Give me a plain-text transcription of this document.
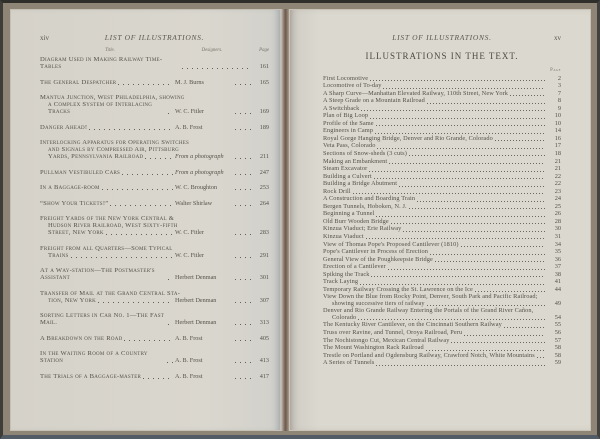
xiv	LIST OF ILLUSTRATIONS.
Title.	Designers.	Page
Diagram Used in Making Railway Time-Tables	161
The General Despatcher	M. J. Burns	165
Mantua Junction, West Philadelphia, showing
a Complex System of Interlacing Tracks	W. C. Fitler	169
Danger Ahead!	A. B. Frost	189
Interlocking Apparatus for Operating Switches
and Signals by Compressed Air, Pittsburg
Yards, Pennsylvania Railroad	From a photograph	211
Pullman Vestibuled Cars	From a photograph	247
In a Baggage-room	W. C. Broughton	253
“Show Your Tickets!”	Walter Shirlaw	264
Freight Yards of the New York Central &
Hudson River Railroad, West Sixty-fifth
Street, New York	W. C. Fitler	283
Freight from all Quarters—Some Typical
Trains	W. C. Fitler	291
At a Way-station—The Postmaster's Assistant	Herbert Denman	301
Transfer of Mail at the Grand Central Sta-
tion, New York	Herbert Denman	307
Sorting Letters in Car No. 1—The Fast Mail.	Herbert Denman	313
A Breakdown on the Road	A. B. Frost	405
In the Waiting Room of a Country Station	A. B. Frost	413
The Trials of a Baggage-master	A. B. Frost	417
LIST OF ILLUSTRATIONS.	xv
ILLUSTRATIONS IN THE TEXT.
Page
First Locomotive	2
Locomotive of To-day	3
A Sharp Curve—Manhattan Elevated Railway, 110th Street, New York	7
A Steep Grade on a Mountain Railroad	8
A Switchback	9
Plan of Big Loop	10
Profile of the Same	10
Engineers in Camp	14
Royal Gorge Hanging Bridge, Denver and Rio Grande, Colorado	16
Veta Pass, Colorado	17
Sections of Snow-sheds (3 cuts)	18
Making an Embankment	21
Steam Excavator	21
Building a Culvert	22
Building a Bridge Abutment	22
Rock Drill	23
A Construction and Boarding Train	24
Bergen Tunnels, Hoboken, N. J.	25
Beginning a Tunnel	26
Old Burr Wooden Bridge	28
Kinzua Viaduct; Erie Railway	30
Kinzua Viaduct	31
View of Thomas Pope's Proposed Cantilever (1810)	34
Pope's Cantilever in Process of Erection	35
General View of the Poughkeepsie Bridge	36
Erection of a Cantilever	37
Spiking the Track	38
Track Laying	41
Temporary Railway Crossing the St. Lawrence on the Ice	44
View Down the Blue from Rocky Point, Denver, South Park and Pacific Railroad;
showing successive tiers of railway	49
Denver and Rio Grande Railway Entering the Portals of the Grand River Cañon,
Colorado	54
The Kentucky River Cantilever, on the Cincinnati Southern Railway	55
Truss over Ravine, and Tunnel, Oroya Railroad, Peru	56
The Nochistongo Cut, Mexican Central Railway	57
The Mount Washington Rack Railroad	58
Trestle on Portland and Ogdensburg Railway, Crawford Notch, White Mountains	58
A Series of Tunnels	59
